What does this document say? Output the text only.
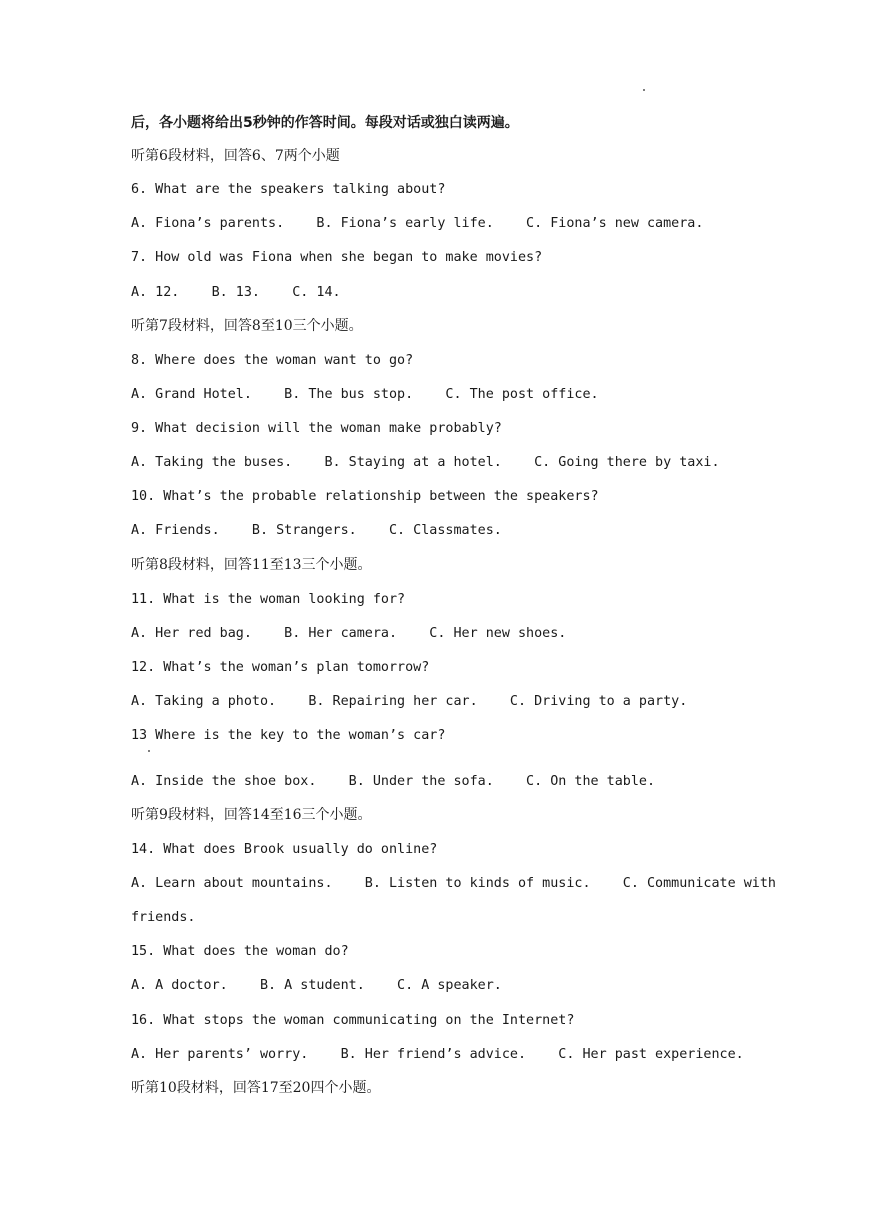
后，各小题将给出5秒钟的作答时间。每段对话或独白读两遍。
听第6段材料，回答6、7两个小题
6. What are the speakers talking about?
A. Fiona’s parents.    B. Fiona’s early life.    C. Fiona’s new camera.
7. How old was Fiona when she began to make movies?
A. 12.    B. 13.    C. 14.
听第7段材料，回答8至10三个小题。
8. Where does the woman want to go?
A. Grand Hotel.    B. The bus stop.    C. The post office.
9. What decision will the woman make probably?
A. Taking the buses.    B. Staying at a hotel.    C. Going there by taxi.
10. What’s the probable relationship between the speakers?
A. Friends.    B. Strangers.    C. Classmates.
听第8段材料，回答11至13三个小题。
11. What is the woman looking for?
A. Her red bag.    B. Her camera.    C. Her new shoes.
12. What’s the woman’s plan tomorrow?
A. Taking a photo.    B. Repairing her car.    C. Driving to a party.
13 Where is the key to the woman’s car?
A. Inside the shoe box.    B. Under the sofa.    C. On the table.
听第9段材料，回答14至16三个小题。
14. What does Brook usually do online?
A. Learn about mountains.    B. Listen to kinds of music.    C. Communicate with
friends.
15. What does the woman do?
A. A doctor.    B. A student.    C. A speaker.
16. What stops the woman communicating on the Internet?
A. Her parents’ worry.    B. Her friend’s advice.    C. Her past experience.
听第10段材料，回答17至20四个小题。
